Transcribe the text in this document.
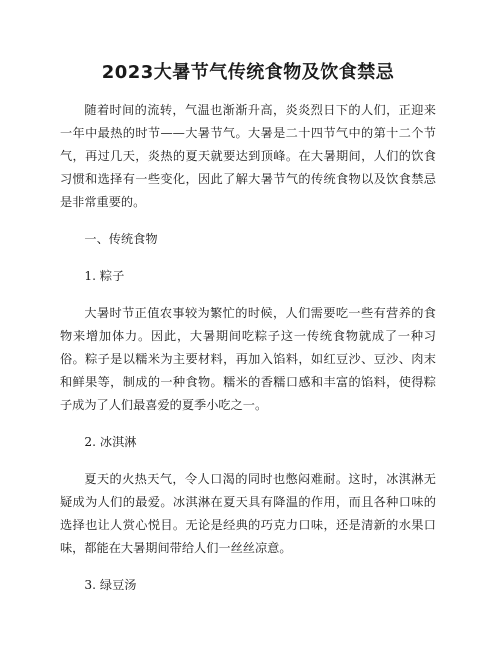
2023大暑节气传统食物及饮食禁忌

随着时间的流转，气温也渐渐升高，炎炎烈日下的人们，正迎来一年中最热的时节——大暑节气。大暑是二十四节气中的第十二个节气，再过几天，炎热的夏天就要达到顶峰。在大暑期间，人们的饮食习惯和选择有一些变化，因此了解大暑节气的传统食物以及饮食禁忌是非常重要的。

一、传统食物

1. 粽子

大暑时节正值农事较为繁忙的时候，人们需要吃一些有营养的食物来增加体力。因此，大暑期间吃粽子这一传统食物就成了一种习俗。粽子是以糯米为主要材料，再加入馅料，如红豆沙、豆沙、肉末和鲜果等，制成的一种食物。糯米的香糯口感和丰富的馅料，使得粽子成为了人们最喜爱的夏季小吃之一。

2. 冰淇淋

夏天的火热天气，令人口渴的同时也憋闷难耐。这时，冰淇淋无疑成为人们的最爱。冰淇淋在夏天具有降温的作用，而且各种口味的选择也让人赏心悦目。无论是经典的巧克力口味，还是清新的水果口味，都能在大暑期间带给人们一丝丝凉意。

3. 绿豆汤
